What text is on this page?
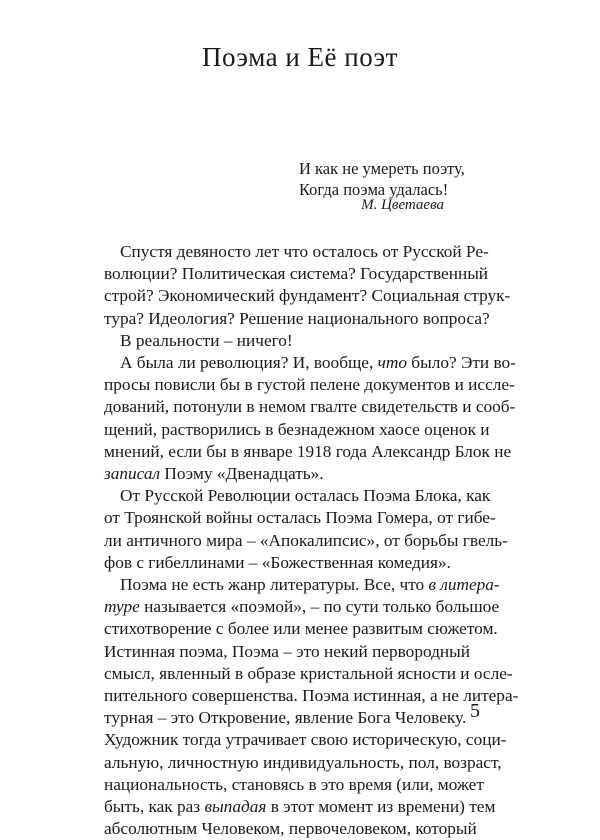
Поэма и Её поэт
И как не умереть поэту,
Когда поэма удалась!
М. Цветаева

Спустя девяносто лет что осталось от Русской Ре-
волюции? Политическая система? Государственный
строй? Экономический фундамент? Социальная струк-
тура? Идеология? Решение национального вопроса?

В реальности – ничего!

А была ли революция? И, вообще, что было? Эти во-
просы повисли бы в густой пелене документов и иссле-
дований, потонули в немом гвалте свидетельств и сооб-
щений, растворились в безнадежном хаосе оценок и
мнений, если бы в январе 1918 года Александр Блок не
записал Поэму «Двенадцать».

От Русской Революции осталась Поэма Блока, как
от Троянской войны осталась Поэма Гомера, от гибе-
ли античного мира – «Апокалипсис», от борьбы гвель-
фов с гибеллинами – «Божественная комедия».

Поэма не есть жанр литературы. Все, что в литера-
туре называется «поэмой», – по сути только большое
стихотворение с более или менее развитым сюжетом.
Истинная поэма, Поэма – это некий первородный
смысл, явленный в образе кристальной ясности и осле-
пительного совершенства. Поэма истинная, а не литера-
турная – это Откровение, явление Бога Человеку.
Художник тогда утрачивает свою историческую, соци-
альную, личностную индивидуальность, пол, возраст,
национальность, становясь в это время (или, может
быть, как раз выпадая в этот момент из времени) тем
абсолютным Человеком, первочеловеком, который

5
